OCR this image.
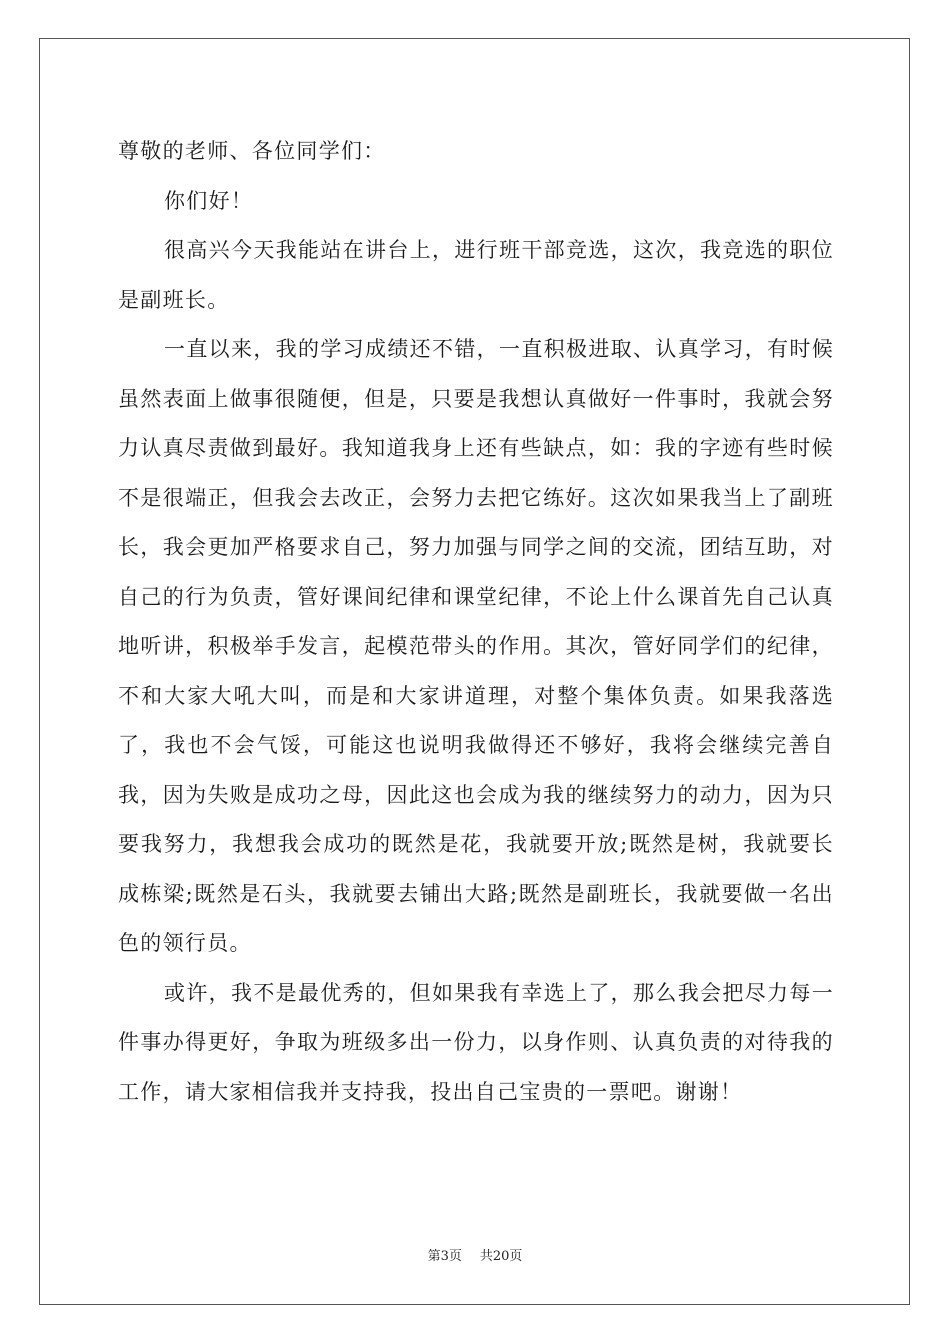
尊敬的老师、各位同学们：

你们好！

很高兴今天我能站在讲台上，进行班干部竞选，这次，我竞选的职位是副班长。

一直以来，我的学习成绩还不错，一直积极进取、认真学习，有时候虽然表面上做事很随便，但是，只要是我想认真做好一件事时，我就会努力认真尽责做到最好。我知道我身上还有些缺点，如：我的字迹有些时候不是很端正，但我会去改正，会努力去把它练好。这次如果我当上了副班长，我会更加严格要求自己，努力加强与同学之间的交流，团结互助，对自己的行为负责，管好课间纪律和课堂纪律，不论上什么课首先自己认真地听讲，积极举手发言，起模范带头的作用。其次，管好同学们的纪律，不和大家大吼大叫，而是和大家讲道理，对整个集体负责。如果我落选了，我也不会气馁，可能这也说明我做得还不够好，我将会继续完善自我，因为失败是成功之母，因此这也会成为我的继续努力的动力，因为只要我努力，我想我会成功的既然是花，我就要开放;既然是树，我就要长成栋梁;既然是石头，我就要去铺出大路;既然是副班长，我就要做一名出色的领行员。

或许，我不是最优秀的，但如果我有幸选上了，那么我会把尽力每一件事办得更好，争取为班级多出一份力，以身作则、认真负责的对待我的工作，请大家相信我并支持我，投出自己宝贵的一票吧。谢谢！

第3页 共20页
